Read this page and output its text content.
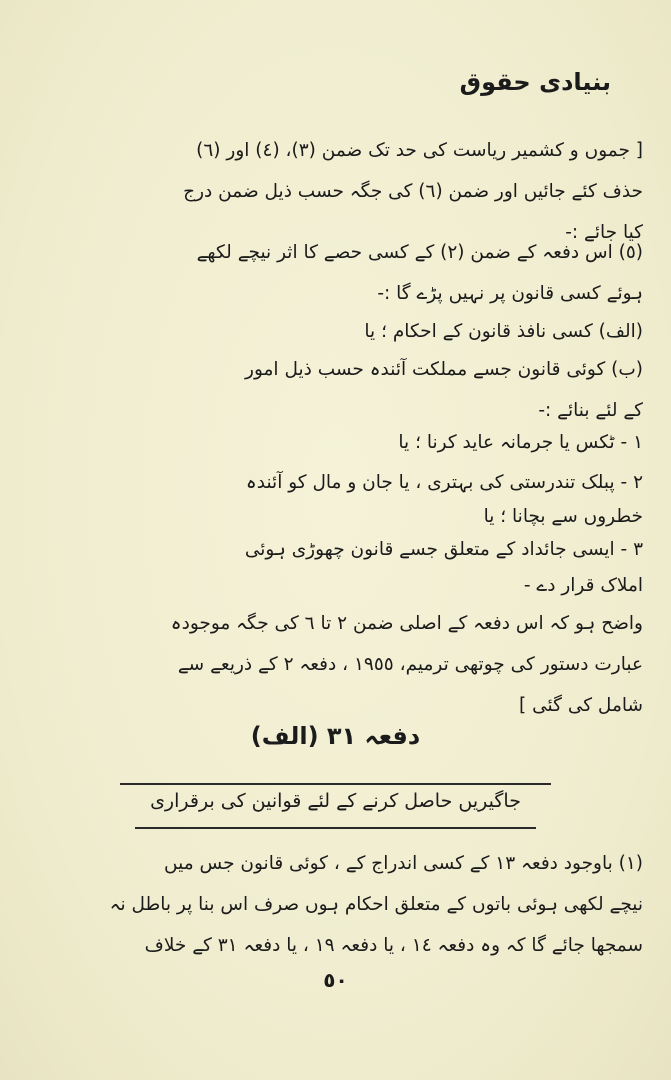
بنیادی حقوق
[ جموں و کشمیر ریاست کی حد تک ضمن (٣)، (٤) اور (٦)
حذف کئے جائیں اور ضمن (٦) کی جگہ حسب ذیل ضمن درج
کیا جائے :-
(٥) اس دفعہ کے ضمن (٢) کے کسی حصے کا اثر نیچے لکھے
ہوئے کسی قانون پر نہیں پڑے گا :-
(الف) کسی نافذ قانون کے احکام ؛ یا
(ب) کوئی قانون جسے مملکت آئندہ حسب ذیل امور
کے لئے بنائے :-
١ - ٹکس یا جرمانہ عاید کرنا ؛ یا
٢ - پبلک تندرستی کی بہتری ، یا جان و مال کو آئندہ
خطروں سے بچانا ؛ یا
٣ - ایسی جائداد کے متعلق جسے قانون چھوڑی ہوئی
املاک قرار دے -
واضح ہو کہ اس دفعہ کے اصلی ضمن ٢ تا ٦ کی جگہ موجودہ
عبارت دستور کی چوتھی ترمیم، ١٩٥٥ ، دفعہ ٢ کے ذریعے سے
شامل کی گئی ]
دفعہ ٣١ (الف)
جاگیریں حاصل کرنے کے لئے قوانین کی برقراری
(١) باوجود دفعہ ١٣ کے کسی اندراج کے ، کوئی قانون جس میں
نیچے لکھی ہوئی باتوں کے متعلق احکام ہوں صرف اس بنا پر باطل نہ
سمجھا جائے گا کہ وہ دفعہ ١٤ ، یا دفعہ ١٩ ، یا دفعہ ٣١ کے خلاف
٥٠
